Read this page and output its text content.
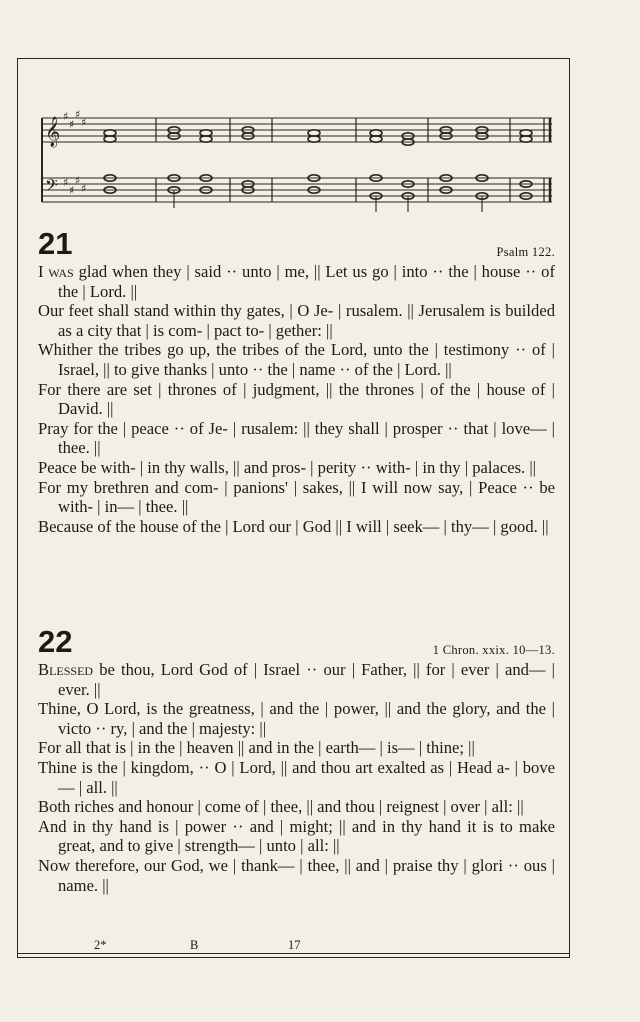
𝄞
𝄢
♯
♯
♯
♯
♯
♯
♯
♯
21	Psalm 122.
I was glad when they | said ·· unto | me, || Let us go | into ·· the | house ·· of the | Lord. ||
Our feet shall stand within thy gates, | O Je- | rusalem. || Jerusalem is builded as a city that | is com- | pact to- | gether: ||
Whither the tribes go up, the tribes of the Lord, unto the | testimony ·· of | Israel, || to give thanks | unto ·· the | name ·· of the | Lord. ||
For there are set | thrones of | judgment, || the thrones | of the | house of | David. ||
Pray for the | peace ·· of Je- | rusalem: || they shall | prosper ·· that | love— | thee. ||
Peace be with- | in thy walls, || and pros- | perity ·· with- | in thy | palaces. ||
For my brethren and com- | panions' | sakes, || I will now say, | Peace ·· be with- | in— | thee. ||
Because of the house of the | Lord our | God || I will | seek— | thy— | good. ||
22	1 Chron. xxix. 10—13.
Blessed be thou, Lord God of | Israel ·· our | Father, || for | ever | and— | ever. ||
Thine, O Lord, is the greatness, | and the | power, || and the glory, and the | victo ·· ry, | and the | majesty: ||
For all that is | in the | heaven || and in the | earth— | is— | thine; ||
Thine is the | kingdom, ·· O | Lord, || and thou art exalted as | Head a- | bove— | all. ||
Both riches and honour | come of | thee, || and thou | reignest | over | all: ||
And in thy hand is | power ·· and | might; || and in thy hand it is to make great, and to give | strength— | unto | all: ||
Now therefore, our God, we | thank— | thee, || and | praise thy | glori ·· ous | name. ||
2*	B	17
